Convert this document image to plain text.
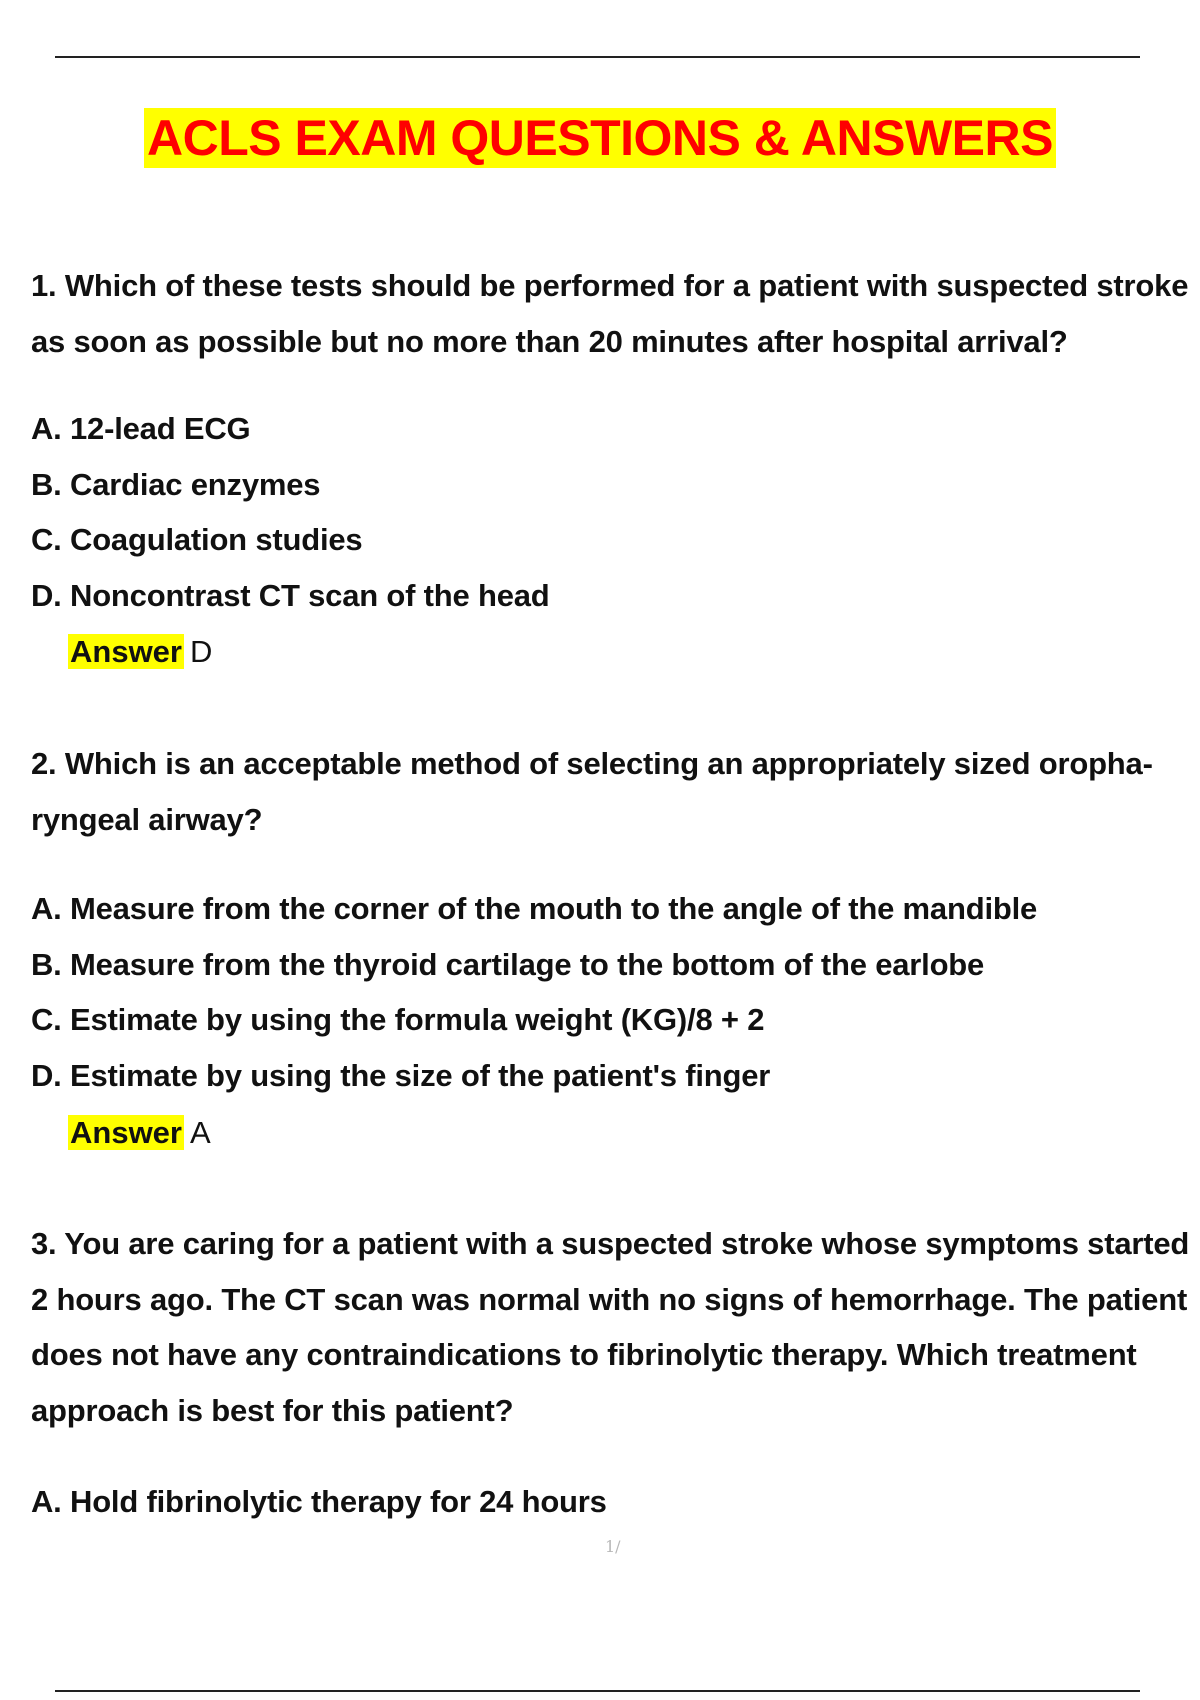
ACLS EXAM QUESTIONS & ANSWERS
1. Which of these tests should be performed for a patient with suspected stroke as soon as possible but no more than 20 minutes after hospital arrival?
A. 12-lead ECG
B. Cardiac enzymes
C. Coagulation studies
D. Noncontrast CT scan of the head
Answer D
2. Which is an acceptable method of selecting an appropriately sized oropha- ryngeal airway?
A. Measure from the corner of the mouth to the angle of the mandible
B. Measure from the thyroid cartilage to the bottom of the earlobe
C. Estimate by using the formula weight (KG)/8 + 2
D. Estimate by using the size of the patient's finger
Answer A
3. You are caring for a patient with a suspected stroke whose symptoms started 2 hours ago. The CT scan was normal with no signs of hemorrhage. The patient does not have any contraindications to fibrinolytic therapy. Which treatment approach is best for this patient?
A. Hold fibrinolytic therapy for 24 hours
1/
